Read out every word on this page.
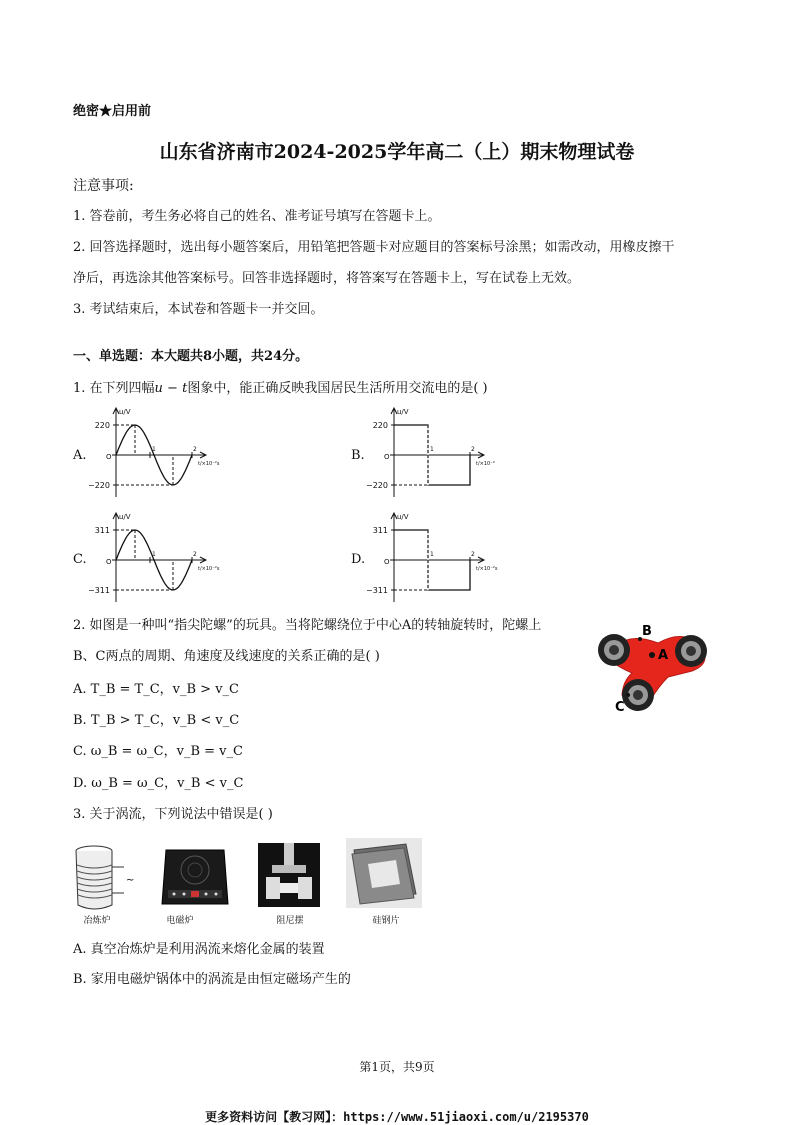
绝密★启用前
山东省济南市2024-2025学年高二（上）期末物理试卷
注意事项:
1. 答卷前，考生务必将自己的姓名、准考证号填写在答题卡上。
2. 回答选择题时，选出每小题答案后，用铅笔把答题卡对应题目的答案标号涂黑；如需改动，用橡皮擦干
净后，再选涂其他答案标号。回答非选择题时，将答案写在答题卡上，写在试卷上无效。
3. 考试结束后，本试卷和答题卡一并交回。
一、单选题：本大题共8小题，共24分。
1. 在下列四幅u − t图象中，能正确反映我国居民生活所用交流电的是( )
A.	B.
C.	D.
u/V
O
220
−220
1	2
t/×10⁻²s
u/V
O
220
−220
1	2
t/×10⁻²
u/V
O
311
−311
1	2
t/×10⁻²s
u/V
O
311
−311
1	2
t/×10⁻²s
2. 如图是一种叫“指尖陀螺”的玩具。当将陀螺绕位于中心A的转轴旋转时，陀螺上
B、C两点的周期、角速度及线速度的关系正确的是( )
A. T_B = T_C，v_B > v_C
B. T_B > T_C，v_B < v_C
C. ω_B = ω_C，v_B = v_C
D. ω_B = ω_C，v_B < v_C
B
A
C
3. 关于涡流，下列说法中错误是( )
~
冶炼炉	电磁炉	阻尼摆	硅钢片
A. 真空冶炼炉是利用涡流来熔化金属的装置
B. 家用电磁炉锅体中的涡流是由恒定磁场产生的
第1页，共9页
更多资料访问【教习网】：https://www.51jiaoxi.com/u/2195370
